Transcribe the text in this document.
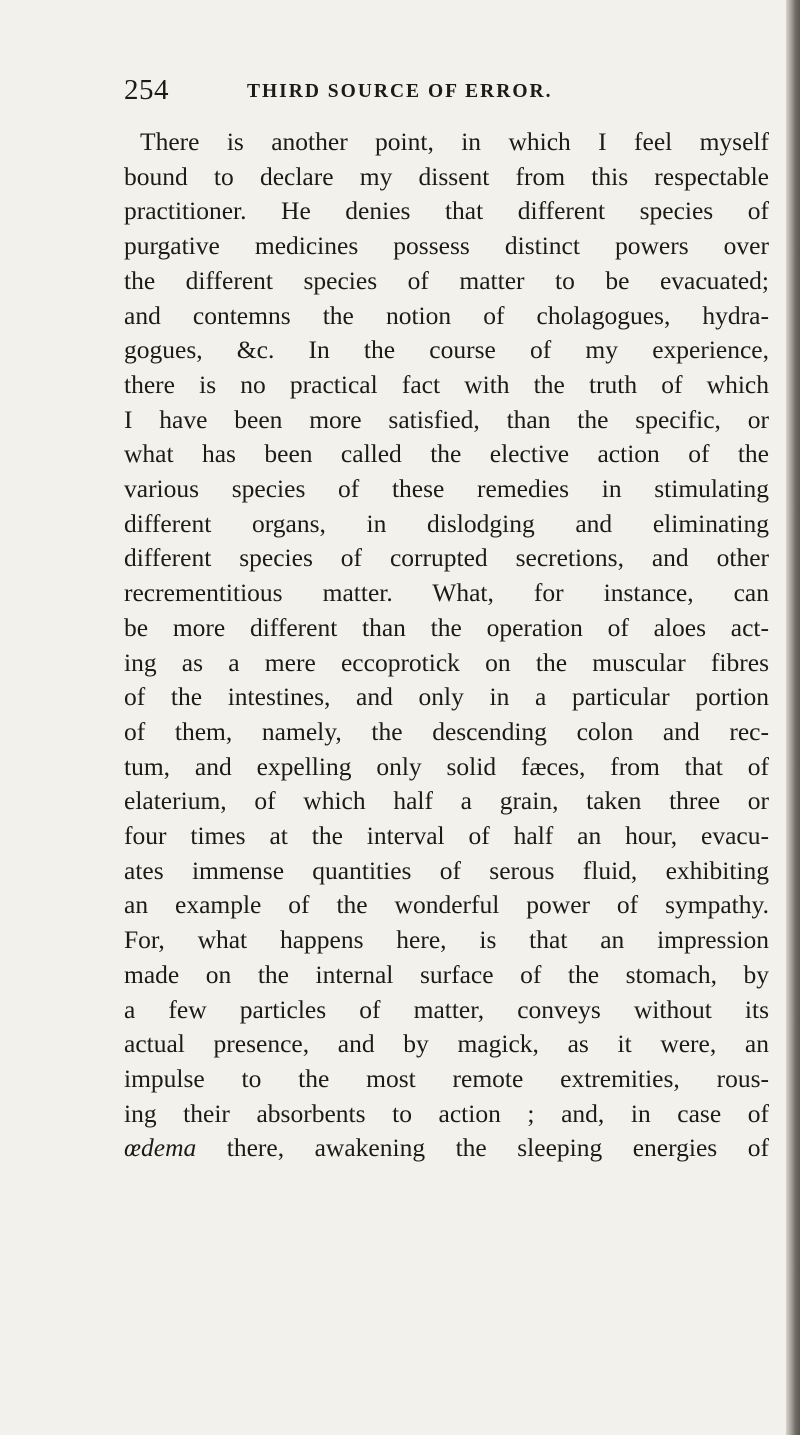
254	THIRD SOURCE OF ERROR.
There is another point, in which I feel myself
bound to declare my dissent from this respectable
practitioner. He denies that different species of
purgative medicines possess distinct powers over
the different species of matter to be evacuated;
and contemns the notion of cholagogues, hydra-
gogues, &c. In the course of my experience,
there is no practical fact with the truth of which
I have been more satisfied, than the specific, or
what has been called the elective action of the
various species of these remedies in stimulating
different organs, in dislodging and eliminating
different species of corrupted secretions, and other
recrementitious matter. What, for instance, can
be more different than the operation of aloes act-
ing as a mere eccoprotick on the muscular fibres
of the intestines, and only in a particular portion
of them, namely, the descending colon and rec-
tum, and expelling only solid fæces, from that of
elaterium, of which half a grain, taken three or
four times at the interval of half an hour, evacu-
ates immense quantities of serous fluid, exhibiting
an example of the wonderful power of sympathy.
For, what happens here, is that an impression
made on the internal surface of the stomach, by
a few particles of matter, conveys without its
actual presence, and by magick, as it were, an
impulse to the most remote extremities, rous-
ing their absorbents to action ; and, in case of
œdema there, awakening the sleeping energies of
